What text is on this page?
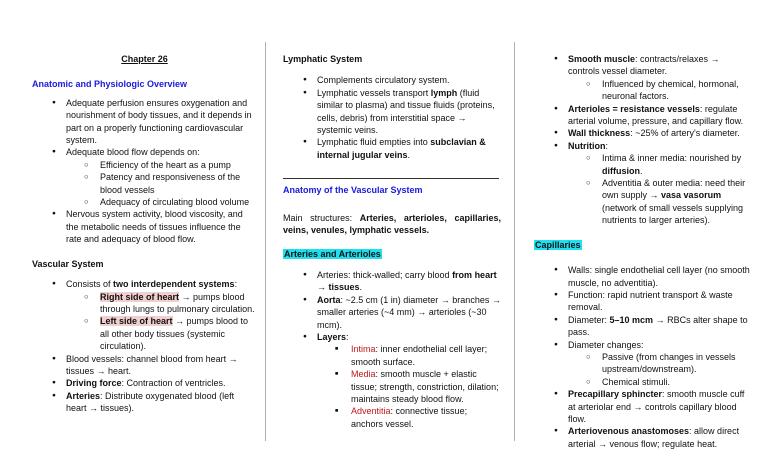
Chapter 26
Anatomic and Physiologic Overview
● Adequate perfusion ensures oxygenation and nourishment of body tissues, and it depends in part on a properly functioning cardiovascular system.
● Adequate blood flow depends on:
○ Efficiency of the heart as a pump
○ Patency and responsiveness of the blood vessels
○ Adequacy of circulating blood volume
● Nervous system activity, blood viscosity, and the metabolic needs of tissues influence the rate and adequacy of blood flow.
Vascular System
● Consists of two interdependent systems:
○ Right side of heart → pumps blood through lungs to pulmonary circulation.
○ Left side of heart → pumps blood to all other body tissues (systemic circulation).
● Blood vessels: channel blood from heart → tissues → heart.
● Driving force: Contraction of ventricles.
● Arteries: Distribute oxygenated blood (left heart → tissues).
Lymphatic System
● Complements circulatory system.
● Lymphatic vessels transport lymph (fluid similar to plasma) and tissue fluids (proteins, cells, debris) from interstitial space → systemic veins.
● Lymphatic fluid empties into subclavian & internal jugular veins.
Anatomy of the Vascular System
Main structures: Arteries, arterioles, capillaries, veins, venules, lymphatic vessels.
Arteries and Arterioles
● Arteries: thick-walled; carry blood from heart → tissues.
● Aorta: ~2.5 cm (1 in) diameter → branches → smaller arteries (~4 mm) → arterioles (~30 mcm).
● Layers:
■ Intima: inner endothelial cell layer; smooth surface.
■ Media: smooth muscle + elastic tissue; strength, constriction, dilation; maintains steady blood flow.
■ Adventitia: connective tissue; anchors vessel.
● Smooth muscle: contracts/relaxes → controls vessel diameter.
○ Influenced by chemical, hormonal, neuronal factors.
● Arterioles = resistance vessels: regulate arterial volume, pressure, and capillary flow.
● Wall thickness: ~25% of artery's diameter.
● Nutrition:
○ Intima & inner media: nourished by diffusion.
○ Adventitia & outer media: need their own supply → vasa vasorum (network of small vessels supplying nutrients to larger arteries).
Capillaries
● Walls: single endothelial cell layer (no smooth muscle, no adventitia).
● Function: rapid nutrient transport & waste removal.
● Diameter: 5–10 mcm → RBCs alter shape to pass.
● Diameter changes:
○ Passive (from changes in vessels upstream/downstream).
○ Chemical stimuli.
● Precapillary sphincter: smooth muscle cuff at arteriolar end → controls capillary blood flow.
● Arteriovenous anastomoses: allow direct arterial → venous flow; regulate heat.
